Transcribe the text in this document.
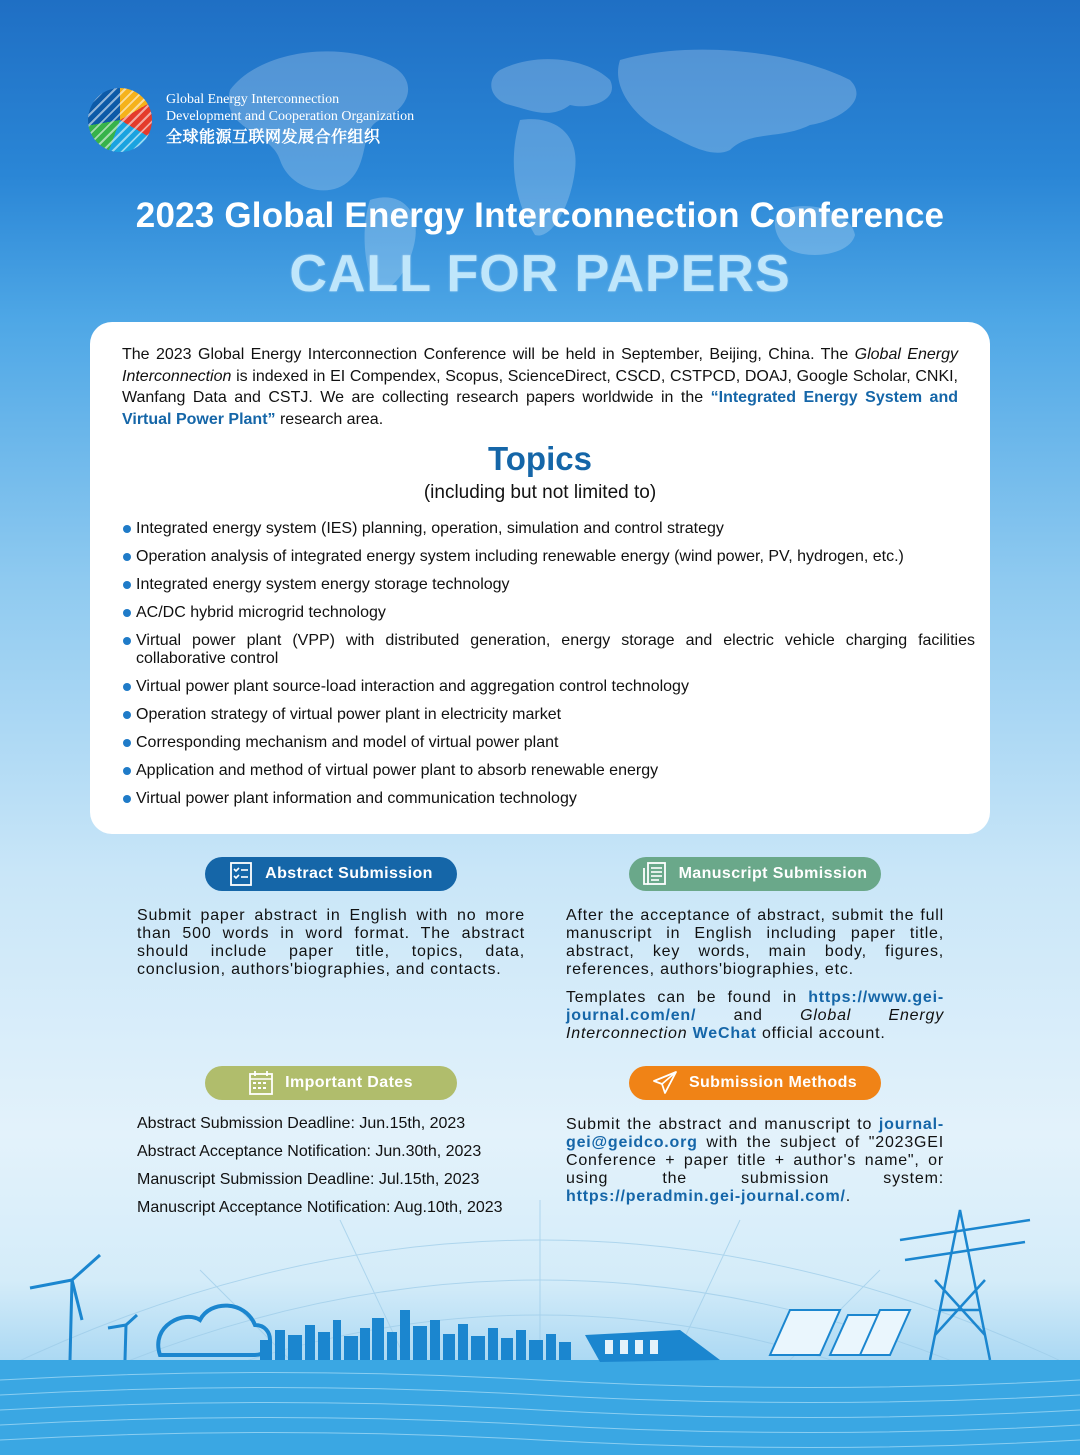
Global Energy Interconnection
Development and Cooperation Organization
全球能源互联网发展合作组织
2023 Global Energy Interconnection Conference
CALL FOR PAPERS

The 2023 Global Energy Interconnection Conference will be held in September, Beijing, China. The Global Energy Interconnection is indexed in EI Compendex, Scopus, ScienceDirect, CSCD, CSTPCD, DOAJ, Google Scholar, CNKI, Wanfang Data and CSTJ. We are collecting research papers worldwide in the “Integrated Energy System and Virtual Power Plant” research area.

Topics
(including but not limited to)
Integrated energy system (IES) planning, operation, simulation and control strategy
Operation analysis of integrated energy system including renewable energy (wind power, PV, hydrogen, etc.)
Integrated energy system energy storage technology
AC/DC hybrid microgrid technology
Virtual power plant (VPP) with distributed generation, energy storage and electric vehicle charging facilities collaborative control
Virtual power plant source-load interaction and aggregation control technology
Operation strategy of virtual power plant in electricity market
Corresponding mechanism and model of virtual power plant
Application and method of virtual power plant to absorb renewable energy
Virtual power plant information and communication technology
Abstract Submission

Submit paper abstract in English with no more than 500 words in word format. The abstract should include paper title, topics, data, conclusion, authors'biographies, and contacts.

Manuscript Submission

After the acceptance of abstract, submit the full manuscript in English including paper title, abstract, key words, main body, figures, references, authors'biographies, etc.

Templates can be found in https://www.gei-journal.com/en/ and Global Energy Interconnection WeChat official account.

Important Dates
Abstract Submission Deadline: Jun.15th, 2023
Abstract Acceptance Notification: Jun.30th, 2023
Manuscript Submission Deadline: Jul.15th, 2023
Manuscript Acceptance Notification: Aug.10th, 2023
Submission Methods

Submit the abstract and manuscript to journal-gei@geidco.org with the subject of "2023GEI Conference + paper title + author's name", or using the submission system: https://peradmin.gei-journal.com/.
